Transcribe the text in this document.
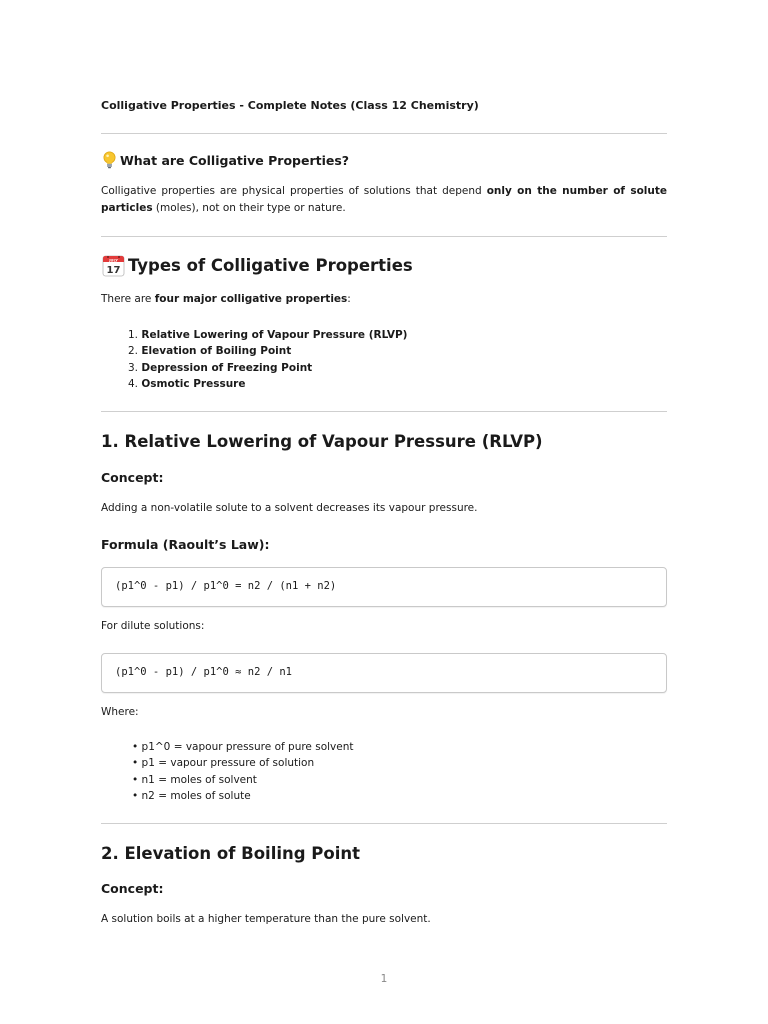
Colligative Properties - Complete Notes (Class 12 Chemistry)
What are Colligative Properties?
Colligative properties are physical properties of solutions that depend only on the number of solute particles (moles), not on their type or nature.
JULY
17 Types of Colligative Properties
There are four major colligative properties:
1. Relative Lowering of Vapour Pressure (RLVP)
2. Elevation of Boiling Point
3. Depression of Freezing Point
4. Osmotic Pressure
1. Relative Lowering of Vapour Pressure (RLVP)
Concept:
Adding a non-volatile solute to a solvent decreases its vapour pressure.
Formula (Raoult’s Law):
(p1^0 - p1) / p1^0 = n2 / (n1 + n2)
For dilute solutions:
(p1^0 - p1) / p1^0 ≈ n2 / n1
Where:
• p1^0 = vapour pressure of pure solvent
• p1 = vapour pressure of solution
• n1 = moles of solvent
• n2 = moles of solute
2. Elevation of Boiling Point
Concept:
A solution boils at a higher temperature than the pure solvent.
1
